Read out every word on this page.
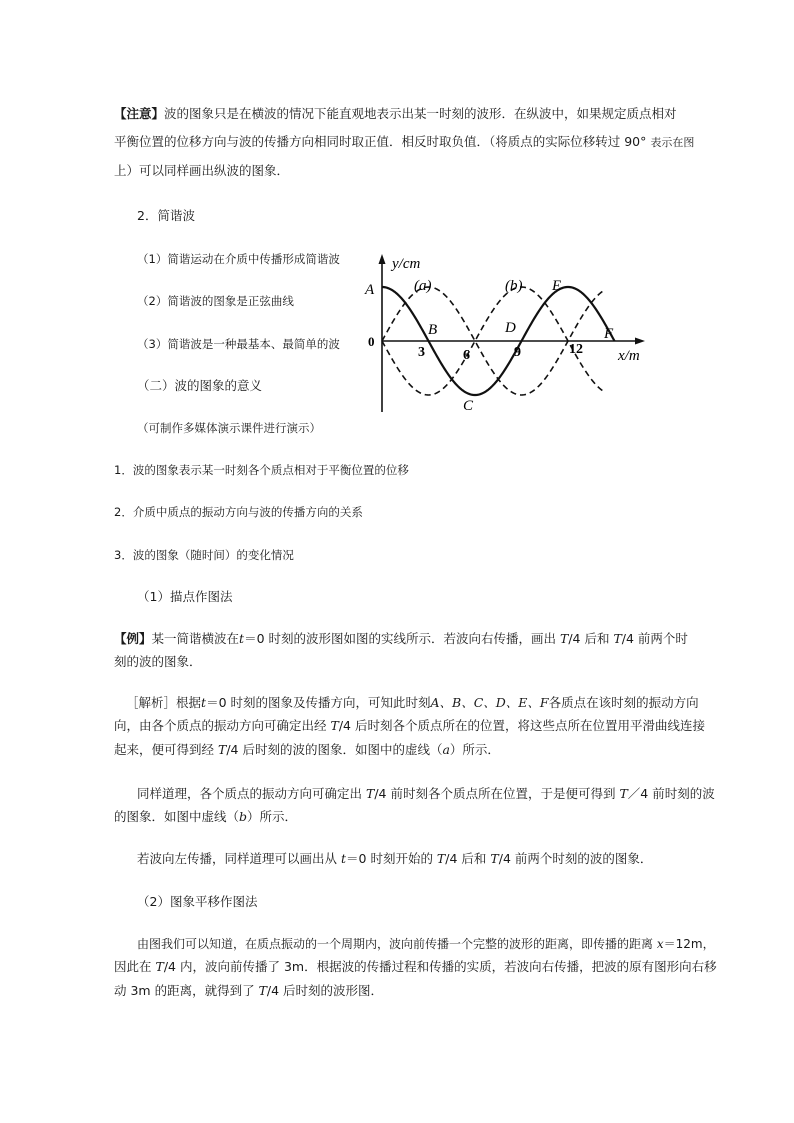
【注意】波的图象只是在横波的情况下能直观地表示出某一时刻的波形．在纵波中，如果规定质点相对
平衡位置的位移方向与波的传播方向相同时取正值．相反时取负值．（将质点的实际位移转过 90° 表示在图
上）可以同样画出纵波的图象．
2．简谐波
（1）简谐运动在介质中传播形成简谐波
（2）简谐波的图象是正弦曲线
（3）简谐波是一种最基本、最简单的波
（二）波的图象的意义
（可制作多媒体演示课件进行演示）
1．波的图象表示某一时刻各个质点相对于平衡位置的位移
2．介质中质点的振动方向与波的传播方向的关系
3．波的图象（随时间）的变化情况
（1）描点作图法
【例】某一简谐横波在t＝0 时刻的波形图如图的实线所示．若波向右传播，画出 T/4 后和 T/4 前两个时
刻的波的图象．
［解析］根据t＝0 时刻的图象及传播方向，可知此时刻A、B、C、D、E、F各质点在该时刻的振动方向
向，由各个质点的振动方向可确定出经 T/4 后时刻各个质点所在的位置，将这些点所在位置用平滑曲线连接
起来，便可得到经 T/4 后时刻的波的图象．如图中的虚线（a）所示．
同样道理，各个质点的振动方向可确定出 T/4 前时刻各个质点所在位置，于是便可得到 T／4 前时刻的波
的图象．如图中虚线（b）所示．
若波向左传播，同样道理可以画出从 t＝0 时刻开始的 T/4 后和 T/4 前两个时刻的波的图象．
（2）图象平移作图法
由图我们可以知道，在质点振动的一个周期内，波向前传播一个完整的波形的距离，即传播的距离 x＝12m，
因此在 T/4 内，波向前传播了 3m．根据波的传播过程和传播的实质，若波向右传播，把波的原有图形向右移
动 3m 的距离，就得到了 T/4 后时刻的波形图．
y/cm
x/m
0
3	6	9	12
(a)	(b)
A
B
C
D
E
F
